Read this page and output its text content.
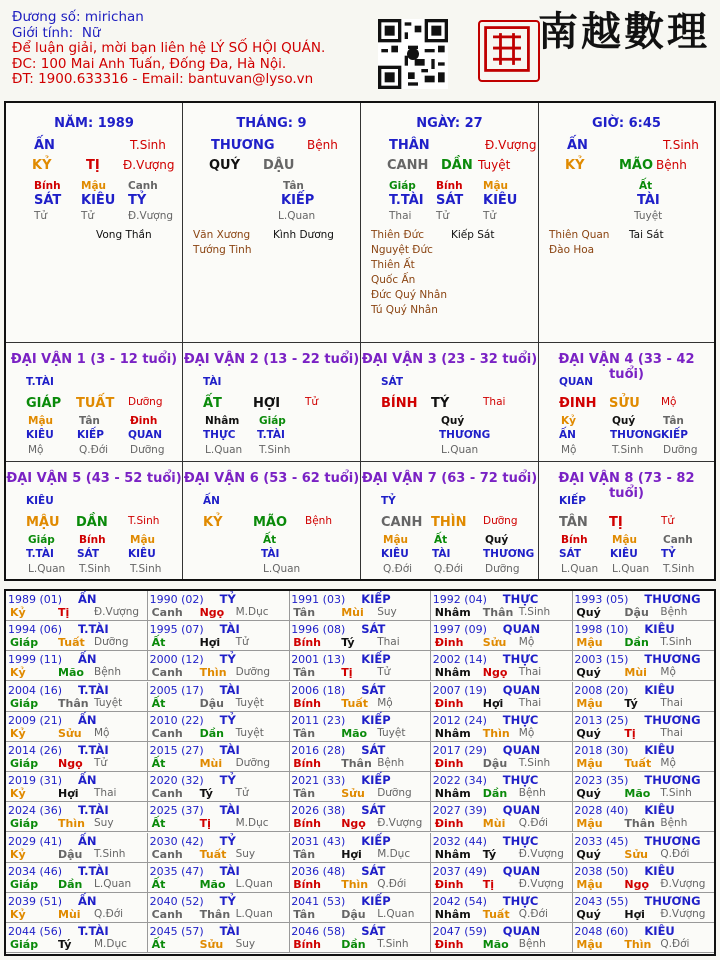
Đương số: mirichan
Giới tính: Nữ
Để luận giải, mời bạn liên hệ LÝ SỐ HỘI QUÁN.
ĐC: 100 Mai Anh Tuấn, Đống Đa, Hà Nội.
ĐT: 1900.633316 - Email: bantuvan@lyso.vn
南越數理
NĂM: 1989
ẤN	T.Sinh
KỶ	TỊ Đ.Vượng
Bính Mậu Canh
SÁT KIÊU TỶ
Tử	Tử	Đ.Vượng
Vong Thần
THÁNG: 9
THƯƠNG	Bệnh
QUÝ DẬU
Tân
KIẾP
L.Quan
Văn Xương
Tướng Tinh
Kình Dương
NGÀY: 27
THÂN	Đ.Vượng
CANH DẦN Tuyệt
Giáp Bính Mậu
T.TÀI SÁT KIÊU
Thai Tử	Tử
Thiên Đức
Nguyệt Đức
Thiên Ất
Quốc Ấn
Đức Quý Nhân
Tú Quý Nhân
Kiếp Sát
GIỜ: 6:45
ẤN	T.Sinh
KỶ	MÃO Bệnh
Ất
TÀI
Tuyệt
Thiên Quan
Đào Hoa
Tai Sát
ĐẠI VẬN 1 (3 - 12 tuổi)
T.TÀI
GIÁP TUẤT Dưỡng
Mậu Tân	Đinh
KIÊU KIẾP QUAN
Mộ	Q.Đới Dưỡng
ĐẠI VẬN 2 (13 - 22 tuổi)
TÀI
ẤT HỢI Tử
Nhâm Giáp
THỰC T.TÀI
L.Quan T.Sinh
ĐẠI VẬN 3 (23 - 32 tuổi)
SÁT
BÍNH TÝ	Thai
Quý
THƯƠNG
L.Quan
ĐẠI VẬN 4 (33 - 42 tuổi)
QUAN
ĐINH SỬU Mộ
Kỷ	Quý	Tân
ẤN	THƯƠNG KIẾP
Mộ	T.Sinh Dưỡng
ĐẠI VẬN 5 (43 - 52 tuổi)
KIÊU
MẬU DẦN T.Sinh
Giáp Bính Mậu
T.TÀI SÁT	KIÊU
L.Quan T.Sinh T.Sinh
ĐẠI VẬN 6 (53 - 62 tuổi)
ẤN
KỶ MÃO Bệnh
Ất
TÀI
L.Quan
ĐẠI VẬN 7 (63 - 72 tuổi)
TỶ
CANH THÌN Dưỡng
Mậu Ất	Quý
KIÊU TÀI	THƯƠNG
Q.Đới Q.Đới Dưỡng
ĐẠI VẬN 8 (73 - 82 tuổi)
KIẾP
TÂN TỊ	Tử
Bính Mậu Canh
SÁT	KIÊU TỶ
L.Quan L.Quan T.Sinh
1989 (01) ẤN
Kỷ	Tị Đ.Vượng
1990 (02) TỶ
Canh Ngọ M.Dục
1991 (03) KIẾP
Tân Mùi Suy
1992 (04) THỰC
Nhâm Thân T.Sinh
1993 (05) THƯƠNG
Quý Dậu Bệnh
1994 (06) T.TÀI
Giáp Tuất Dưỡng
1995 (07) TÀI
Ất	Hợi Tử
1996 (08) SÁT
Bính Tý Thai
1997 (09) QUAN
Đinh Sửu Mộ
1998 (10) KIÊU
Mậu Dần T.Sinh
1999 (11) ẤN
Kỷ	Mão Bệnh
2000 (12) TỶ
Canh Thìn Dưỡng
2001 (13) KIẾP
Tân Tị Tử
2002 (14) THỰC
Nhâm Ngọ Thai
2003 (15) THƯƠNG
Quý Mùi Mộ
2004 (16) T.TÀI
Giáp Thân Tuyệt
2005 (17) TÀI
Ất	Dậu Tuyệt
2006 (18) SÁT
Bính Tuất Mộ
2007 (19) QUAN
Đinh Hợi Thai
2008 (20) KIÊU
Mậu Tý Thai
2009 (21) ẤN
Kỷ	Sửu Mộ
2010 (22) TỶ
Canh Dần Tuyệt
2011 (23) KIẾP
Tân Mão Tuyệt
2012 (24) THỰC
Nhâm Thìn Mộ
2013 (25) THƯƠNG
Quý Tị Thai
2014 (26) T.TÀI
Giáp Ngọ Tử
2015 (27) TÀI
Ất	Mùi Dưỡng
2016 (28) SÁT
Bính Thân Bệnh
2017 (29) QUAN
Đinh Dậu T.Sinh
2018 (30) KIÊU
Mậu Tuất Mộ
2019 (31) ẤN
Kỷ	Hợi Thai
2020 (32) TỶ
Canh Tý Tử
2021 (33) KIẾP
Tân Sửu Dưỡng
2022 (34) THỰC
Nhâm Dần Bệnh
2023 (35) THƯƠNG
Quý Mão T.Sinh
2024 (36) T.TÀI
Giáp Thìn Suy
2025 (37) TÀI
Ất	Tị M.Dục
2026 (38) SÁT
Bính Ngọ Đ.Vượng
2027 (39) QUAN
Đinh Mùi Q.Đới
2028 (40) KIÊU
Mậu Thân Bệnh
2029 (41) ẤN
Kỷ	Dậu T.Sinh
2030 (42) TỶ
Canh Tuất Suy
2031 (43) KIẾP
Tân Hợi M.Dục
2032 (44) THỰC
Nhâm Tý Đ.Vượng
2033 (45) THƯƠNG
Quý Sửu Q.Đới
2034 (46) T.TÀI
Giáp Dần L.Quan
2035 (47) TÀI
Ất	Mão L.Quan
2036 (48) SÁT
Bính Thìn Q.Đới
2037 (49) QUAN
Đinh Tị Đ.Vượng
2038 (50) KIÊU
Mậu Ngọ Đ.Vượng
2039 (51) ẤN
Kỷ	Mùi Q.Đới
2040 (52) TỶ
Canh Thân L.Quan
2041 (53) KIẾP
Tân Dậu L.Quan
2042 (54) THỰC
Nhâm Tuất Q.Đới
2043 (55) THƯƠNG
Quý Hợi Đ.Vượng
2044 (56) T.TÀI
Giáp Tý M.Dục
2045 (57) TÀI
Ất	Sửu Suy
2046 (58) SÁT
Bính Dần T.Sinh
2047 (59) QUAN
Đinh Mão Bệnh
2048 (60) KIÊU
Mậu Thìn Q.Đới
